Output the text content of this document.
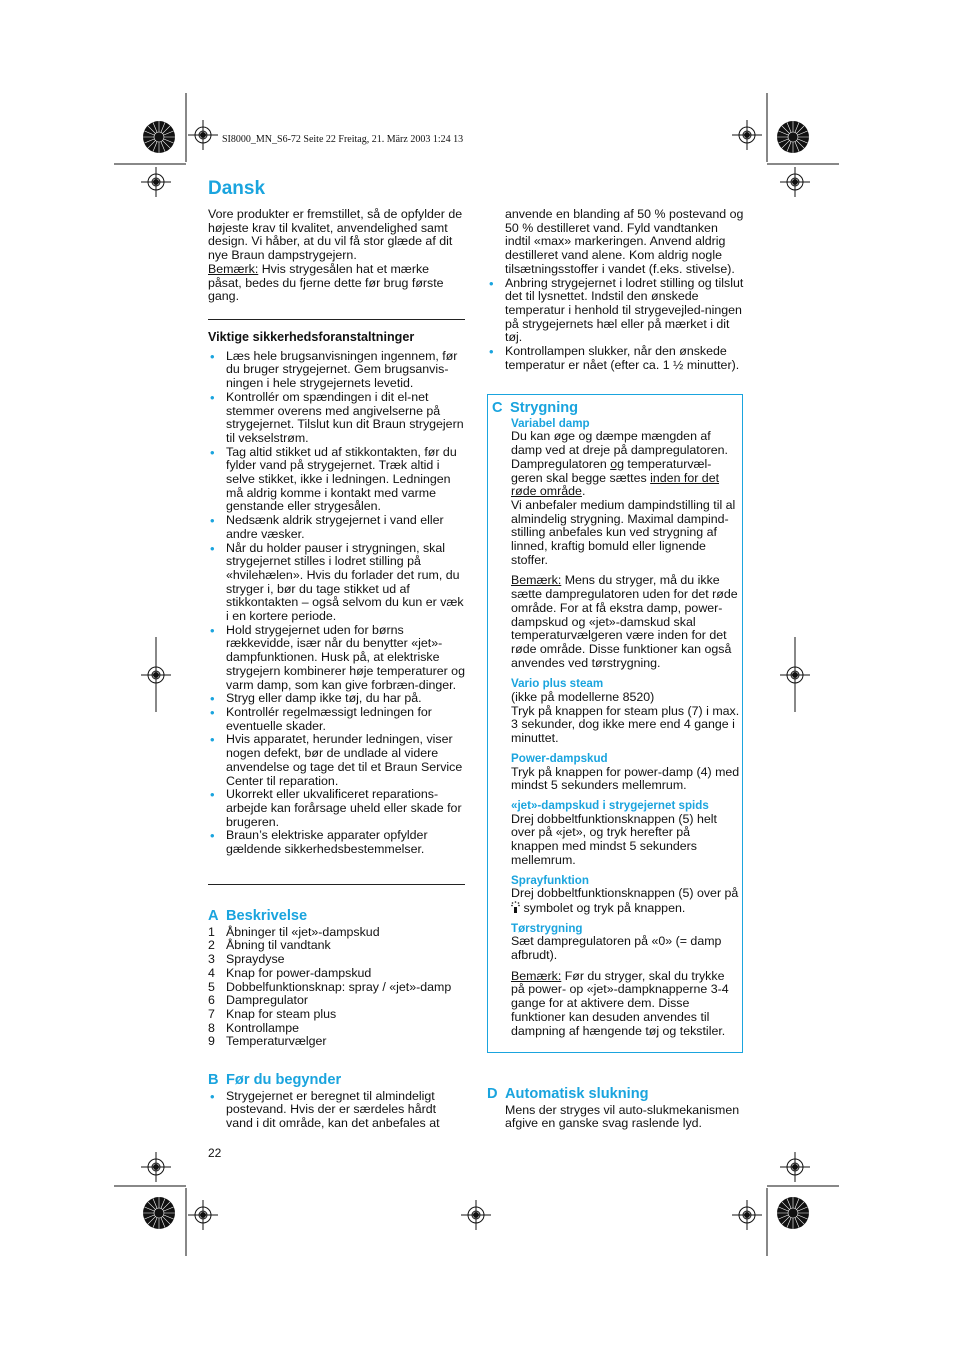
SI8000_MN_S6-72 Seite 22 Freitag, 21. März 2003 1:24 13
Dansk

Vore produkter er fremstillet, så de opfylder de højeste krav til kvalitet, anvendelighed samt design. Vi håber, at du vil få stor glæde af dit nye Braun dampstrygejern.
Bemærk: Hvis strygesålen hat et mærke påsat, bedes du fjerne dette før brug første gang.

Viktige sikkerhedsforanstaltninger
• Læs hele brugsanvisningen ingennem, før du bruger strygejernet. Gem brugsanvis-ningen i hele strygejernets levetid.
• Kontrollér om spændingen i dit el-net stemmer overens med angivelserne på strygejernet. Tilslut kun dit Braun strygejern til vekselstrøm.
• Tag altid stikket ud af stikkontakten, før du fylder vand på strygejernet. Træk altid i selve stikket, ikke i ledningen. Ledningen må aldrig komme i kontakt med varme genstande eller strygesålen.
• Nedsænk aldrik strygejernet i vand eller andre væsker.
• Når du holder pauser i strygningen, skal strygejernet stilles i lodret stilling på «hvilehælen». Hvis du forlader det rum, du stryger i, bør du tage stikket ud af stikkontakten – også selvom du kun er væk i en kortere periode.
• Hold strygejernet uden for børns rækkevidde, især når du benytter «jet»-dampfunktionen. Husk på, at elektriske strygejern kombinerer høje temperaturer og varm damp, som kan give forbræn-dinger.
• Stryg eller damp ikke tøj, du har på.
• Kontrollér regelmæssigt ledningen for eventuelle skader.
• Hvis apparatet, herunder ledningen, viser nogen defekt, bør de undlade al videre anvendelse og tage det til et Braun Service Center til reparation.
• Ukorrekt eller ukvalificeret reparations-arbejde kan forårsage uheld eller skade for brugeren.
• Braun’s elektriske apparater opfylder gældende sikkerhedsbestemmelser.
A Beskrivelse
1 Åbninger til «jet»-dampskud
2 Åbning til vandtank
3 Spraydyse
4 Knap for power-dampskud
5 Dobbelfunktionsknap: spray / «jet»-damp
6 Dampregulator
7 Knap for steam plus
8 Kontrollampe
9 Temperaturvælger
B Før du begynder
• Strygejernet er beregnet til almindeligt postevand. Hvis der er særdeles hårdt vand i dit område, kan det anbefales at
22

anvende en blanding af 50 % postevand og 50 % destilleret vand. Fyld vandtanken indtil «max» markeringen. Anvend aldrig destilleret vand alene. Kom aldrig nogle tilsætningsstoffer i vandet (f.eks. stivelse).

• Anbring strygejernet i lodret stilling og tilslut det til lysnettet. Indstil den ønskede temperatur i henhold til strygevejled-ningen på strygejernets hæl eller på mærket i dit tøj.
• Kontrollampen slukker, når den ønskede temperatur er nået (efter ca. 1 ½ minutter).
C Strygning
Variabel damp

Du kan øge og dæmpe mængden af damp ved at dreje på dampregulatoren. Dampregulatoren og temperaturvæl-geren skal begge sættes inden for det røde område.

Vi anbefaler medium dampindstilling til al almindelig strygning. Maximal dampind-stilling anbefales kun ved strygning af linned, kraftig bomuld eller lignende stoffer.

Bemærk: Mens du stryger, må du ikke sætte dampregulatoren uden for det røde område. For at få ekstra damp, power-dampskud og «jet»-damskud skal temperaturvælgeren være inden for det røde område. Disse funktioner kan også anvendes ved tørstrygning.

Vario plus steam

(ikke på modellerne 8520)

Tryk på knappen for steam plus (7) i max. 3 sekunder, dog ikke mere end 4 gange i minuttet.

Power-dampskud

Tryk på knappen for power-damp (4) med mindst 5 sekunders mellemrum.

«jet»-dampskud i strygejernet spids

Drej dobbeltfunktionsknappen (5) helt over på «jet», og tryk herefter på knappen med mindst 5 sekunders mellemrum.

Sprayfunktion

Drej dobbeltfunktionsknappen (5) over på  symbolet og tryk på knappen.

Tørstrygning

Sæt dampregulatoren på «0» (= damp afbrudt).

Bemærk: Før du stryger, skal du trykke på power- op «jet»-dampknapperne 3-4 gange for at aktivere dem. Disse funktioner kan desuden anvendes til dampning af hængende tøj og tekstiler.

D Automatisk slukning

Mens der stryges vil auto-slukmekanismen afgive en ganske svag raslende lyd.
